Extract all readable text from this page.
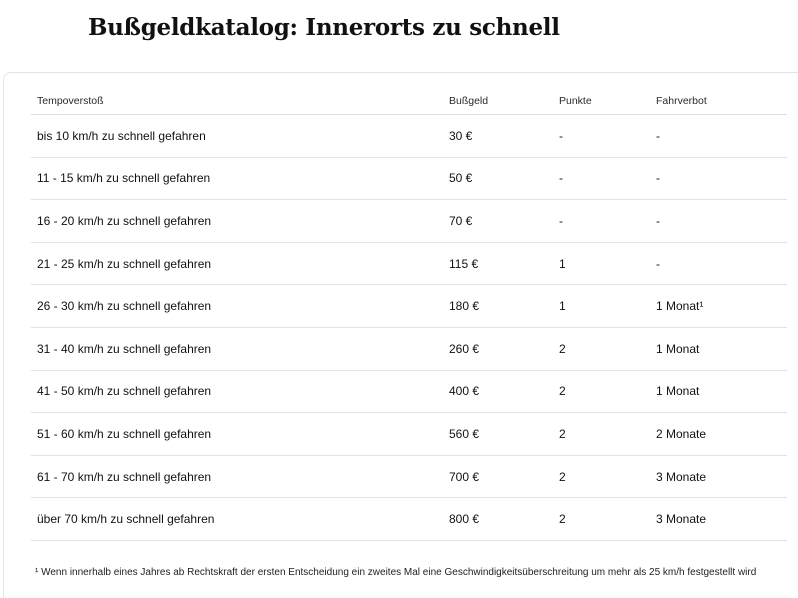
Bußgeldkatalog: Innerorts zu schnell
Tempoverstoß	Bußgeld	Punkte	Fahrverbot
bis 10 km/h zu schnell gefahren	30 €	-	-
11 - 15 km/h zu schnell gefahren	50 €	-	-
16 - 20 km/h zu schnell gefahren	70 €	-	-
21 - 25 km/h zu schnell gefahren	115 €	1	-
26 - 30 km/h zu schnell gefahren	180 €	1	1 Monat¹
31 - 40 km/h zu schnell gefahren	260 €	2	1 Monat
41 - 50 km/h zu schnell gefahren	400 €	2	1 Monat
51 - 60 km/h zu schnell gefahren	560 €	2	2 Monate
61 - 70 km/h zu schnell gefahren	700 €	2	3 Monate
über 70 km/h zu schnell gefahren	800 €	2	3 Monate
¹ Wenn innerhalb eines Jahres ab Rechtskraft der ersten Entscheidung ein zweites Mal eine Geschwindigkeitsüberschreitung um mehr als 25 km/h festgestellt wird
